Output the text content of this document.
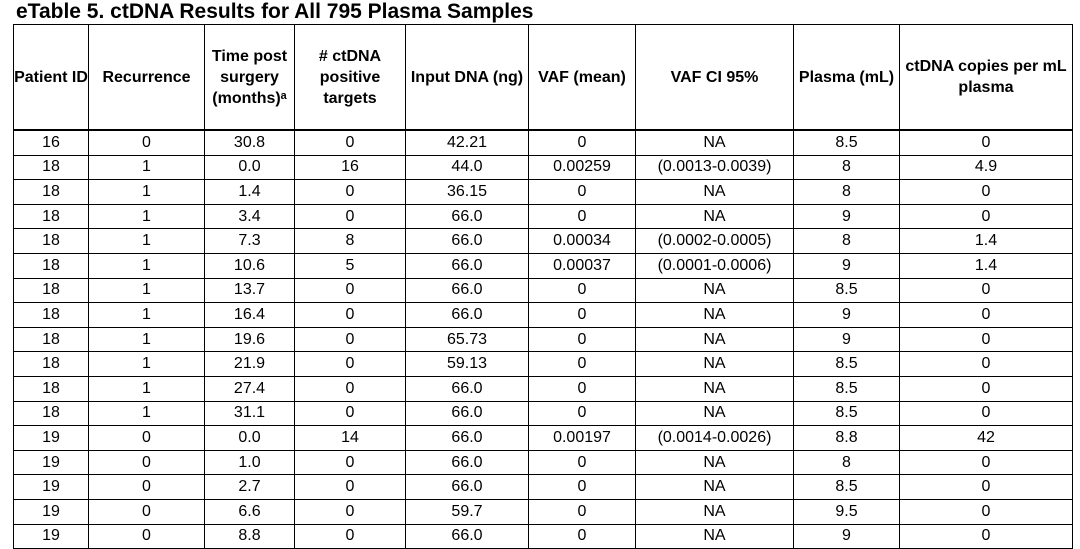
eTable 5. ctDNA Results for All 795 Plasma Samples
Patient ID	Recurrence	Time post surgery (months)ᵃ	# ctDNA positive targets	Input DNA (ng)	VAF (mean)	VAF CI 95%	Plasma (mL)	ctDNA copies per mL plasma
16	0	30.8	0	42.21	0	NA	8.5	0
18	1	0.0	16	44.0	0.00259	(0.0013-0.0039)	8	4.9
18	1	1.4	0	36.15	0	NA	8	0
18	1	3.4	0	66.0	0	NA	9	0
18	1	7.3	8	66.0	0.00034	(0.0002-0.0005)	8	1.4
18	1	10.6	5	66.0	0.00037	(0.0001-0.0006)	9	1.4
18	1	13.7	0	66.0	0	NA	8.5	0
18	1	16.4	0	66.0	0	NA	9	0
18	1	19.6	0	65.73	0	NA	9	0
18	1	21.9	0	59.13	0	NA	8.5	0
18	1	27.4	0	66.0	0	NA	8.5	0
18	1	31.1	0	66.0	0	NA	8.5	0
19	0	0.0	14	66.0	0.00197	(0.0014-0.0026)	8.8	42
19	0	1.0	0	66.0	0	NA	8	0
19	0	2.7	0	66.0	0	NA	8.5	0
19	0	6.6	0	59.7	0	NA	9.5	0
19	0	8.8	0	66.0	0	NA	9	0
